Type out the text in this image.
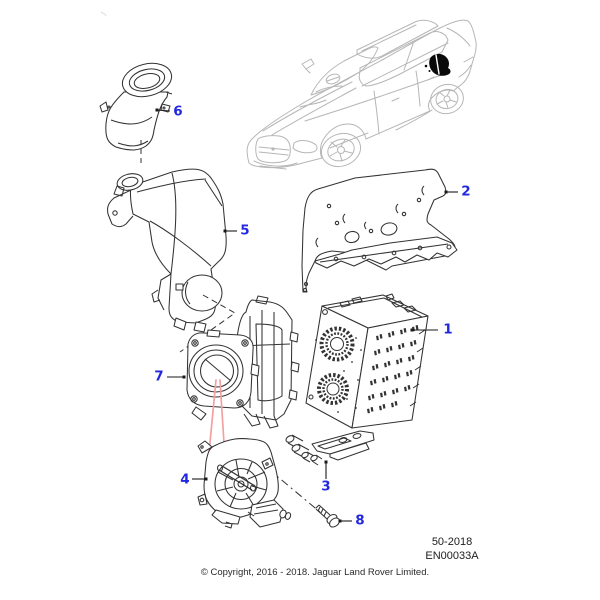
1
2
3
4
5
6
7
8
50-2018
EN00033A
© Copyright, 2016 - 2018. Jaguar Land Rover Limited.
